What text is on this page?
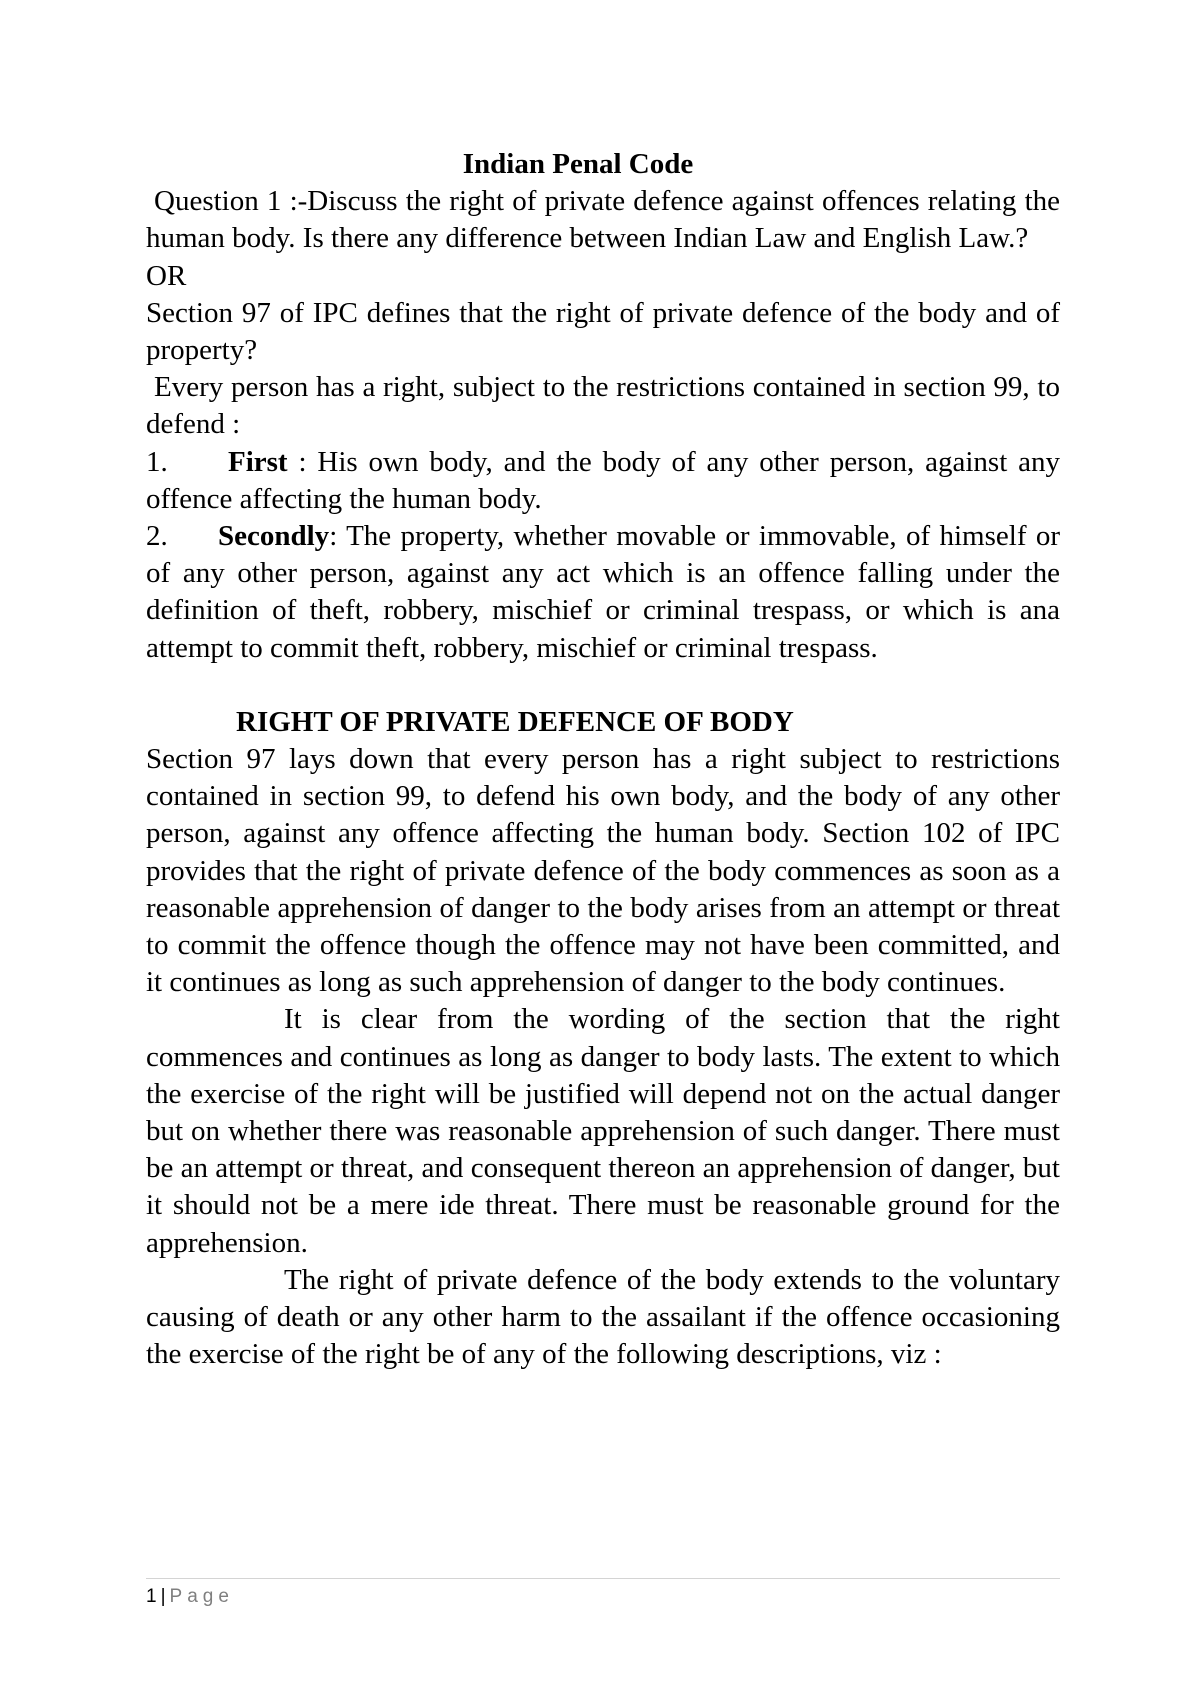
Indian Penal Code

Question 1 :-Discuss the right of private defence against offences relating the human body. Is there any difference between Indian Law and English Law.?

OR

Section 97 of IPC defines that the right of private defence of the body and of property?

Every person has a right, subject to the restrictions contained in section 99, to defend :

1. First : His own body, and the body of any other person, against any offence affecting the human body.

2. Secondly: The property, whether movable or immovable, of himself or of any other person, against any act which is an offence falling under the definition of theft, robbery, mischief or criminal trespass, or which is ana attempt to commit theft, robbery, mischief or criminal trespass.

RIGHT OF PRIVATE DEFENCE OF BODY

Section 97 lays down that every person has a right subject to restrictions contained in section 99, to defend his own body, and the body of any other person, against any offence affecting the human body. Section 102 of IPC provides that the right of private defence of the body commences as soon as a reasonable apprehension of danger to the body arises from an attempt or threat to commit the offence though the offence may not have been committed, and it continues as long as such apprehension of danger to the body continues.

It is clear from the wording of the section that the right commences and continues as long as danger to body lasts. The extent to which the exercise of the right will be justified will depend not on the actual danger but on whether there was reasonable apprehension of such danger. There must be an attempt or threat, and consequent thereon an apprehension of danger, but it should not be a mere ide threat. There must be reasonable ground for the apprehension.

The right of private defence of the body extends to the voluntary causing of death or any other harm to the assailant if the offence occasioning the exercise of the right be of any of the following descriptions, viz :

1 | Page
